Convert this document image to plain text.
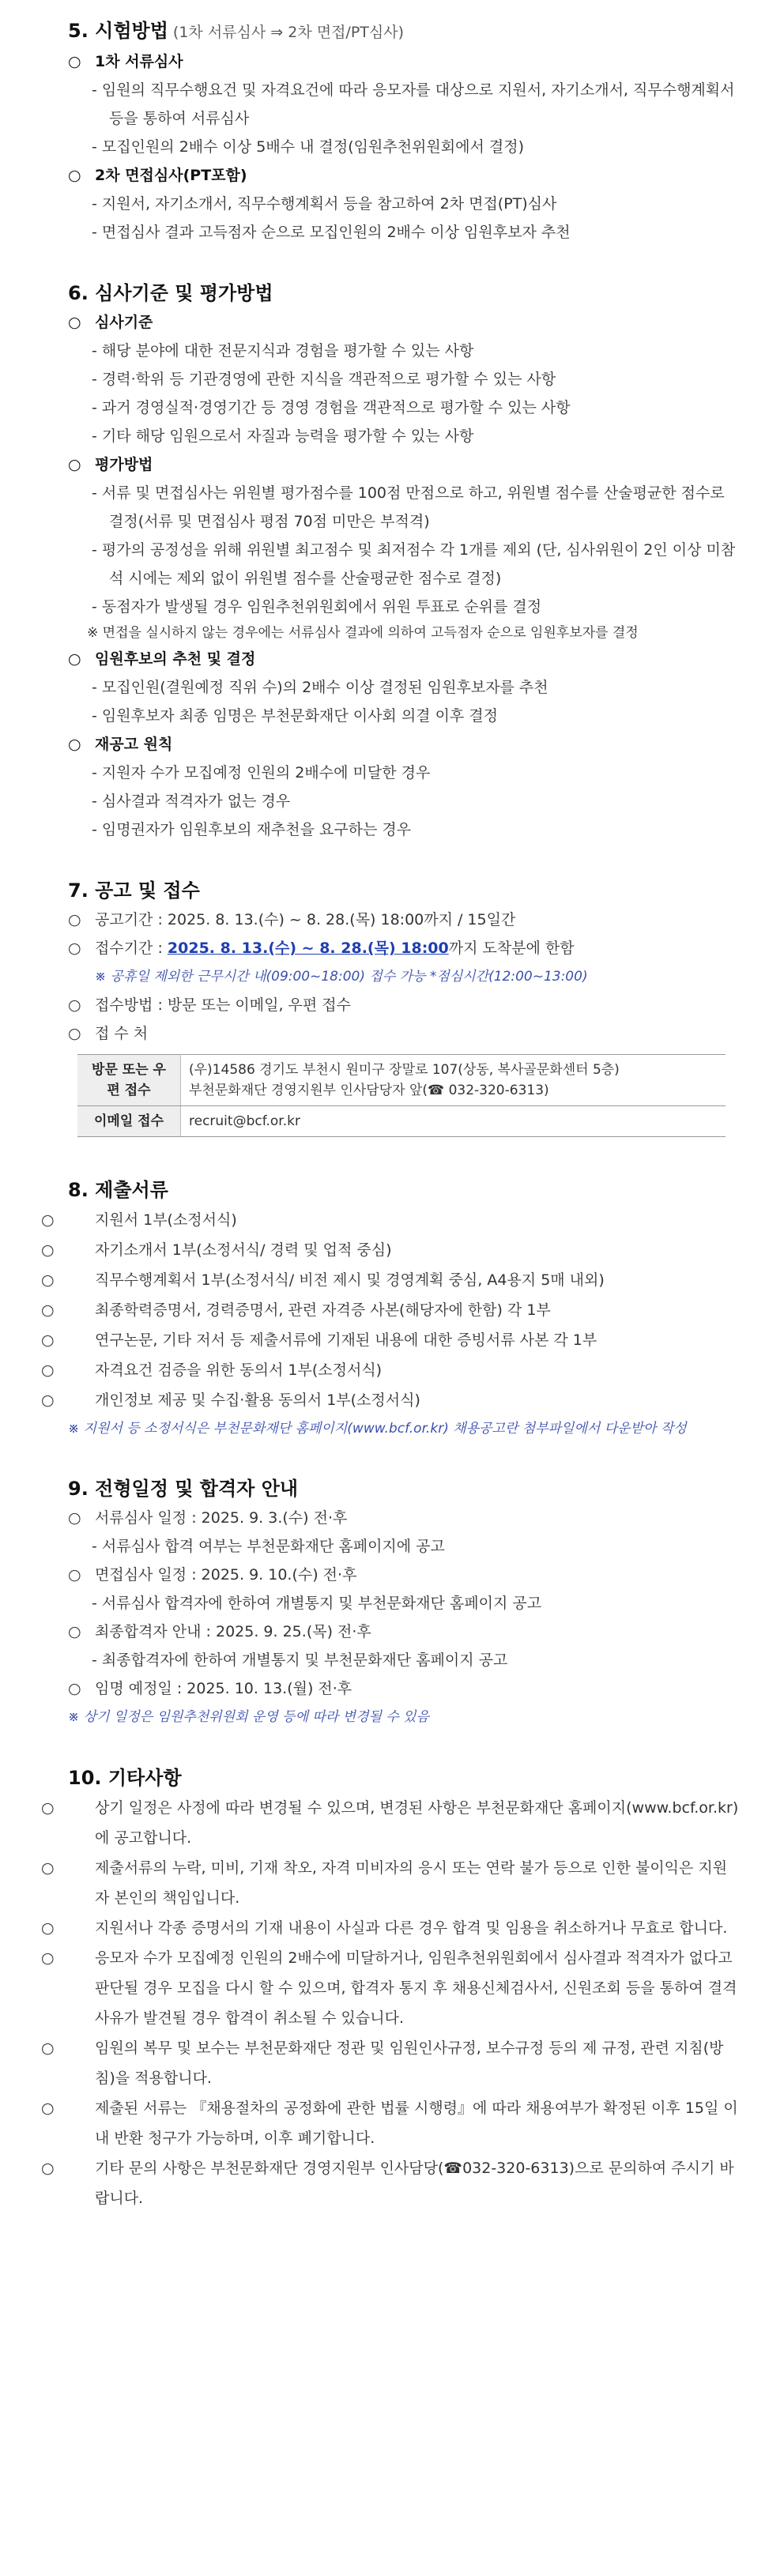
5. 시험방법 (1차 서류심사 ⇒ 2차 면접/PT심사)

○ 1차 서류심사

- 임원의 직무수행요건 및 자격요건에 따라 응모자를 대상으로 지원서, 자기소개서, 직무수행계획서 등을 통하여 서류심사

- 모집인원의 2배수 이상 5배수 내 결정(임원추천위원회에서 결정)

○ 2차 면접심사(PT포함)

- 지원서, 자기소개서, 직무수행계획서 등을 참고하여 2차 면접(PT)심사

- 면접심사 결과 고득점자 순으로 모집인원의 2배수 이상 임원후보자 추천

6. 심사기준 및 평가방법

○ 심사기준

- 해당 분야에 대한 전문지식과 경험을 평가할 수 있는 사항

- 경력·학위 등 기관경영에 관한 지식을 객관적으로 평가할 수 있는 사항

- 과거 경영실적·경영기간 등 경영 경험을 객관적으로 평가할 수 있는 사항

- 기타 해당 임원으로서 자질과 능력을 평가할 수 있는 사항

○ 평가방법

- 서류 및 면접심사는 위원별 평가점수를 100점 만점으로 하고, 위원별 점수를 산술평균한 점수로 결정(서류 및 면접심사 평점 70점 미만은 부적격)

- 평가의 공정성을 위해 위원별 최고점수 및 최저점수 각 1개를 제외 (단, 심사위원이 2인 이상 미참석 시에는 제외 없이 위원별 점수를 산술평균한 점수로 결정)

- 동점자가 발생될 경우 임원추천위원회에서 위원 투표로 순위를 결정

※ 면접을 실시하지 않는 경우에는 서류심사 결과에 의하여 고득점자 순으로 임원후보자를 결정

○ 임원후보의 추천 및 결정

- 모집인원(결원예정 직위 수)의 2배수 이상 결정된 임원후보자를 추천

- 임원후보자 최종 임명은 부천문화재단 이사회 의결 이후 결정

○ 재공고 원칙

- 지원자 수가 모집예정 인원의 2배수에 미달한 경우

- 심사결과 적격자가 없는 경우

- 임명권자가 임원후보의 재추천을 요구하는 경우

7. 공고 및 접수

○ 공고기간 : 2025. 8. 13.(수) ~ 8. 28.(목) 18:00까지 / 15일간

○ 접수기간 : 2025. 8. 13.(수) ~ 8. 28.(목) 18:00까지 도착분에 한함

※ 공휴일 제외한 근무시간 내(09:00~18:00) 접수 가능 *점심시간(12:00~13:00)

○ 접수방법 : 방문 또는 이메일, 우편 접수

○ 접 수 처

방문 또는 우편 접수	(우)14586 경기도 부천시 원미구 장말로 107(상동, 복사골문화센터 5층)
부천문화재단 경영지원부 인사담당자 앞(☎ 032-320-6313)

이메일 접수	recruit@bcf.or.kr
8. 제출서류

○	지원서 1부(소정서식)

○	자기소개서 1부(소정서식/ 경력 및 업적 중심)

○	직무수행계획서 1부(소정서식/ 비전 제시 및 경영계획 중심, A4용지 5매 내외)

○	최종학력증명서, 경력증명서, 관련 자격증 사본(해당자에 한함) 각 1부

○	연구논문, 기타 저서 등 제출서류에 기재된 내용에 대한 증빙서류 사본 각 1부

○	자격요건 검증을 위한 동의서 1부(소정서식)

○	개인정보 제공 및 수집·활용 동의서 1부(소정서식)

※ 지원서 등 소정서식은 부천문화재단 홈페이지(www.bcf.or.kr) 채용공고란 첨부파일에서 다운받아 작성

9. 전형일정 및 합격자 안내

○ 서류심사 일정 : 2025. 9. 3.(수) 전·후

- 서류심사 합격 여부는 부천문화재단 홈페이지에 공고

○ 면접심사 일정 : 2025. 9. 10.(수) 전·후

- 서류심사 합격자에 한하여 개별통지 및 부천문화재단 홈페이지 공고

○ 최종합격자 안내 : 2025. 9. 25.(목) 전·후

- 최종합격자에 한하여 개별통지 및 부천문화재단 홈페이지 공고

○ 임명 예정일 : 2025. 10. 13.(월) 전·후

※ 상기 일정은 임원추천위원회 운영 등에 따라 변경될 수 있음

10. 기타사항

○	상기 일정은 사정에 따라 변경될 수 있으며, 변경된 사항은 부천문화재단 홈페이지(www.bcf.or.kr)에 공고합니다.

○	제출서류의 누락, 미비, 기재 착오, 자격 미비자의 응시 또는 연락 불가 등으로 인한 불이익은 지원자 본인의 책임입니다.

○	지원서나 각종 증명서의 기재 내용이 사실과 다른 경우 합격 및 임용을 취소하거나 무효로 합니다.

○	응모자 수가 모집예정 인원의 2배수에 미달하거나, 임원추천위원회에서 심사결과 적격자가 없다고 판단될 경우 모집을 다시 할 수 있으며, 합격자 통지 후 채용신체검사서, 신원조회 등을 통하여 결격사유가 발견될 경우 합격이 취소될 수 있습니다.

○	임원의 복무 및 보수는 부천문화재단 정관 및 임원인사규정, 보수규정 등의 제 규정, 관련 지침(방침)을 적용합니다.

○	제출된 서류는 『채용절차의 공정화에 관한 법률 시행령』에 따라 채용여부가 확정된 이후 15일 이내 반환 청구가 가능하며, 이후 폐기합니다.

○	기타 문의 사항은 부천문화재단 경영지원부 인사담당(☎032-320-6313)으로 문의하여 주시기 바랍니다.
